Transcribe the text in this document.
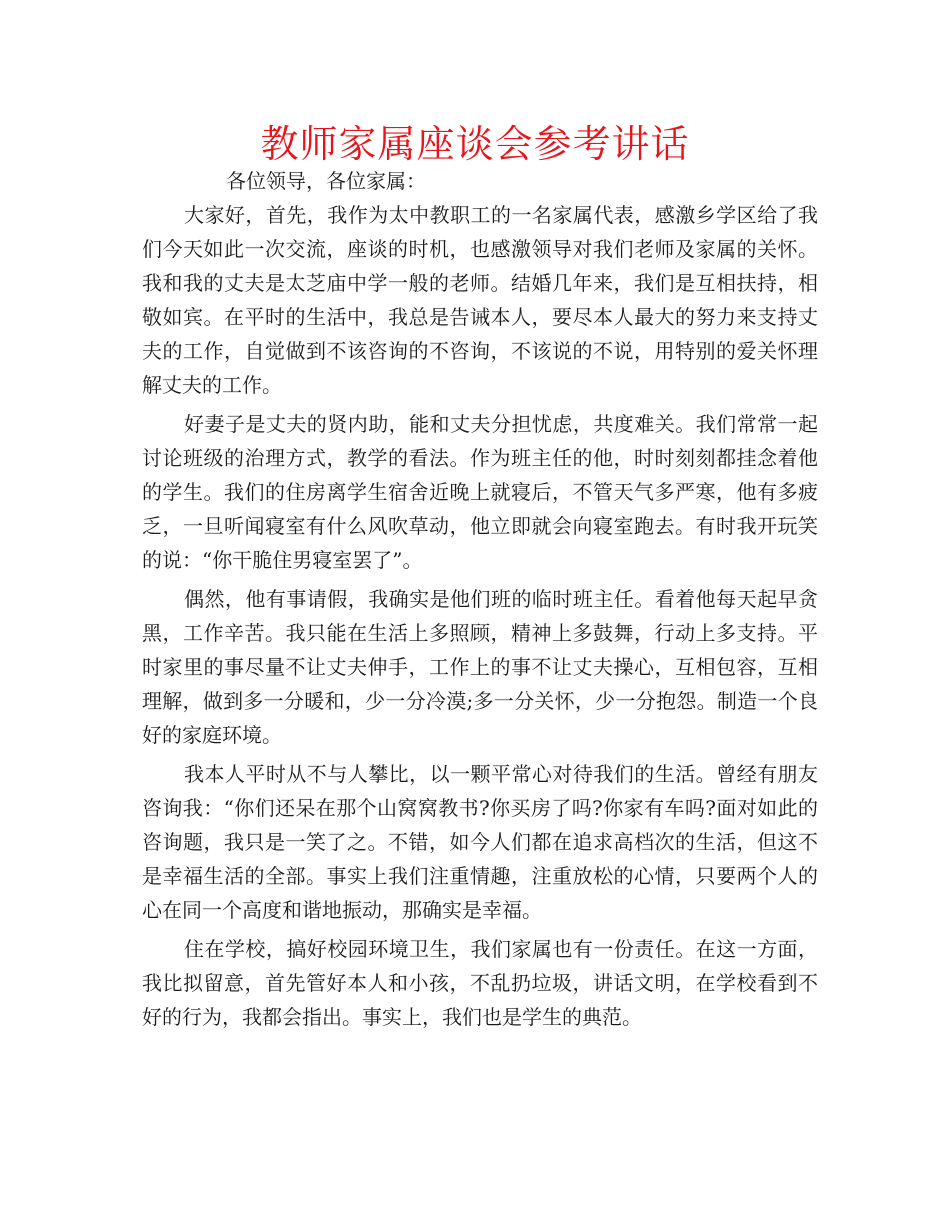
教师家属座谈会参考讲话

各位领导，各位家属：

大家好，首先，我作为太中教职工的一名家属代表，感激乡学区给了我们今天如此一次交流，座谈的时机，也感激领导对我们老师及家属的关怀。我和我的丈夫是太芝庙中学一般的老师。结婚几年来，我们是互相扶持，相敬如宾。在平时的生活中，我总是告诫本人，要尽本人最大的努力来支持丈夫的工作，自觉做到不该咨询的不咨询，不该说的不说，用特别的爱关怀理解丈夫的工作。

好妻子是丈夫的贤内助，能和丈夫分担忧虑，共度难关。我们常常一起讨论班级的治理方式，教学的看法。作为班主任的他，时时刻刻都挂念着他的学生。我们的住房离学生宿舍近晚上就寝后，不管天气多严寒，他有多疲乏，一旦听闻寝室有什么风吹草动，他立即就会向寝室跑去。有时我开玩笑的说：“你干脆住男寝室罢了”。

偶然，他有事请假，我确实是他们班的临时班主任。看着他每天起早贪黑，工作辛苦。我只能在生活上多照顾，精神上多鼓舞，行动上多支持。平时家里的事尽量不让丈夫伸手，工作上的事不让丈夫操心，互相包容，互相理解，做到多一分暖和，少一分冷漠;多一分关怀，少一分抱怨。制造一个良好的家庭环境。

我本人平时从不与人攀比，以一颗平常心对待我们的生活。曾经有朋友咨询我：“你们还呆在那个山窝窝教书?你买房了吗?你家有车吗?面对如此的咨询题，我只是一笑了之。不错，如今人们都在追求高档次的生活，但这不是幸福生活的全部。事实上我们注重情趣，注重放松的心情，只要两个人的心在同一个高度和谐地振动，那确实是幸福。

住在学校，搞好校园环境卫生，我们家属也有一份责任。在这一方面，我比拟留意，首先管好本人和小孩，不乱扔垃圾，讲话文明，在学校看到不好的行为，我都会指出。事实上，我们也是学生的典范。
